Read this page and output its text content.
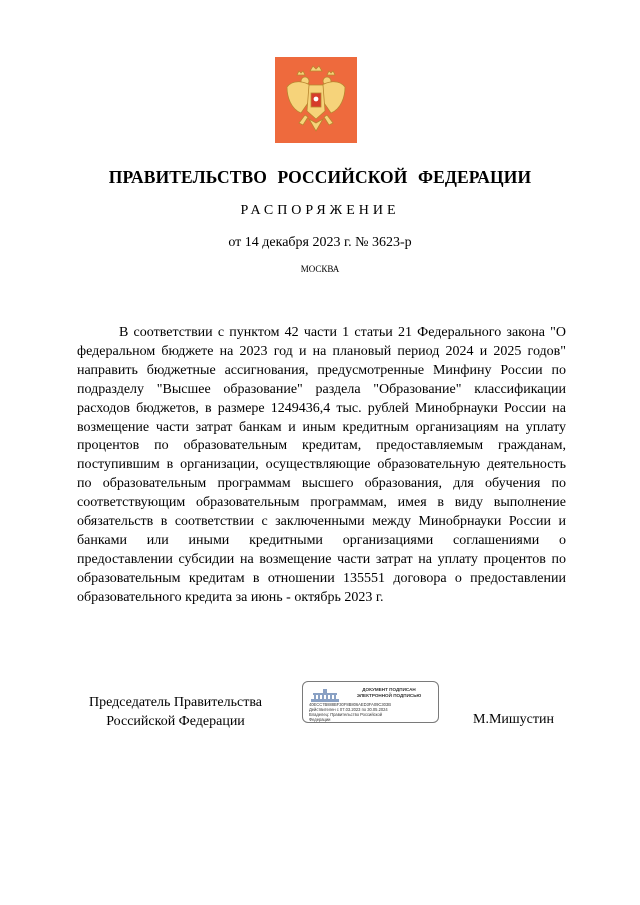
ПРАВИТЕЛЬСТВО РОССИЙСКОЙ ФЕДЕРАЦИИ
РАСПОРЯЖЕНИЕ
от 14 декабря 2023 г. № 3623-р
МОСКВА

В соответствии с пунктом 42 части 1 статьи 21 Федерального закона "О федеральном бюджете на 2023 год и на плановый период 2024 и 2025 годов" направить бюджетные ассигнования, предусмотренные Минфину России по подразделу "Высшее образование" раздела "Образование" классификации расходов бюджетов, в размере 1249436,4 тыс. рублей Минобрнауки России на возмещение части затрат банкам и иным кредитным организациям на уплату процентов по образовательным кредитам, предоставляемым гражданам, поступившим в организации, осуществляющие образовательную деятельность по образовательным программам высшего образования, для обучения по соответствующим образовательным программам, имея в виду выполнение обязательств в соответствии с заключенными между Минобрнауки России и банками или иными кредитными организациями соглашениями о предоставлении субсидии на возмещение части затрат на уплату процентов по образовательным кредитам в отношении 135551 договора о предоставлении образовательного кредита за июнь - октябрь 2023 г.

Председатель Правительства
Российской Федерации
ДОКУМЕНТ ПОДПИСАН
ЭЛЕКТРОННОЙ ПОДПИСЬЮ
40ECC7B888BF30F8B806AED3FA09C303B
Действителен с 07.03.2023 по 30.05.2024
Владелец: Правительство Российской
Федерации	М.Мишустин
